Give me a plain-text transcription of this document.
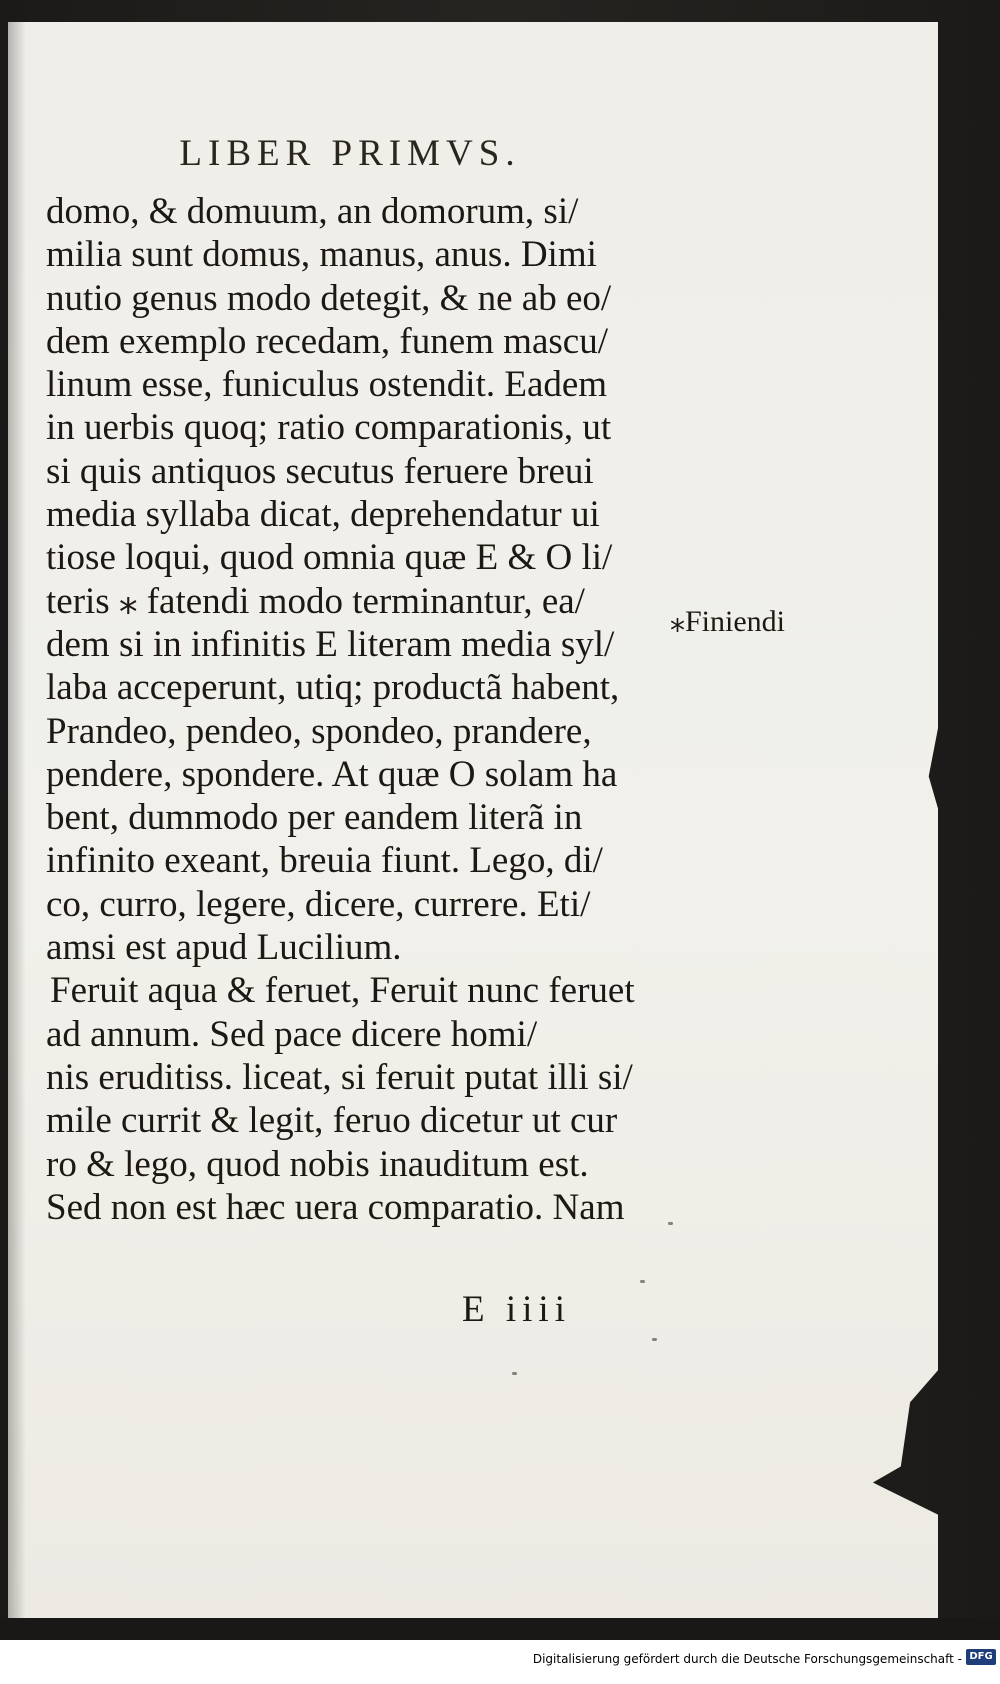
LIBER PRIMVS.
domo, & domuum, an domorum, si/
milia sunt domus, manus, anus. Dimi
nutio genus modo detegit, & ne ab eo/
dem exemplo recedam, funem mascu/
linum esse, funiculus ostendit. Eadem
in uerbis quoq; ratio comparationis, ut
si quis antiquos secutus feruere breui
media syllaba dicat, deprehendatur ui
tiose loqui, quod omnia quæ E & O li/
teris ⁎ fatendi modo terminantur, ea/
dem si in infinitis E literam media syl/
laba acceperunt, utiq; productã habent,
Prandeo, pendeo, spondeo, prandere,
pendere, spondere. At quæ O solam ha
bent, dummodo per eandem literã in
infinito exeant, breuia fiunt. Lego, di/
co, curro, legere, dicere, currere. Eti/
amsi est apud Lucilium.
Feruit aqua & feruet, Feruit nunc feruet
ad annum. Sed pace dicere homi/
nis eruditiss. liceat, si feruit putat illi si/
mile currit & legit, feruo dicetur ut cur
ro & lego, quod nobis inauditum est.
Sed non est hæc uera comparatio. Nam
⁎Finiendi
E iiii
Digitalisierung gefördert durch die Deutsche Forschungsgemeinschaft - DFG
